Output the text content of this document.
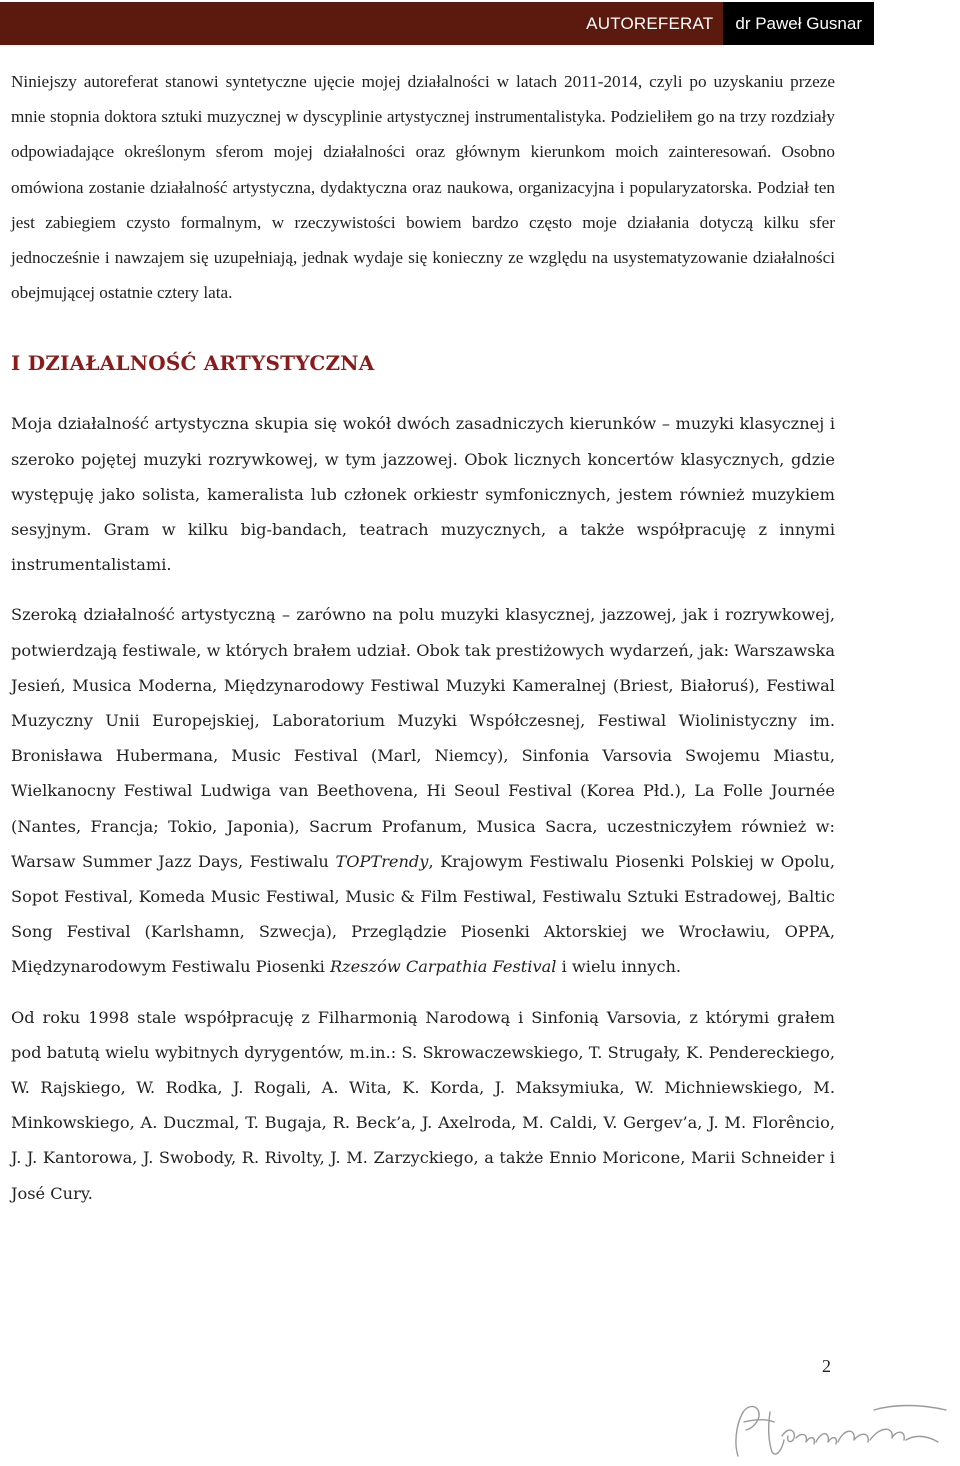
AUTOREFERAT	dr Paweł Gusnar

Niniejszy autoreferat stanowi syntetyczne ujęcie mojej działalności w latach 2011-2014, czyli po uzyskaniu przeze mnie stopnia doktora sztuki muzycznej w dyscyplinie artystycznej instrumentalistyka. Podzieliłem go na trzy rozdziały odpowiadające określonym sferom mojej działalności oraz głównym kierunkom moich zainteresowań. Osobno omówiona zostanie działalność artystyczna, dydaktyczna oraz naukowa, organizacyjna i popularyzatorska. Podział ten jest zabiegiem czysto formalnym, w rzeczywistości bowiem bardzo często moje działania dotyczą kilku sfer jednocześnie i nawzajem się uzupełniają, jednak wydaje się konieczny ze względu na usystematyzowanie działalności obejmującej ostatnie cztery lata.

I DZIAŁALNOŚĆ ARTYSTYCZNA

Moja działalność artystyczna skupia się wokół dwóch zasadniczych kierunków – muzyki klasycznej i szeroko pojętej muzyki rozrywkowej, w tym jazzowej. Obok licznych koncertów klasycznych, gdzie występuję jako solista, kameralista lub członek orkiestr symfonicznych, jestem również muzykiem sesyjnym. Gram w kilku big-bandach, teatrach muzycznych, a także współpracuję z innymi instrumentalistami.

Szeroką działalność artystyczną – zarówno na polu muzyki klasycznej, jazzowej, jak i rozrywkowej, potwierdzają festiwale, w których brałem udział. Obok tak prestiżowych wydarzeń, jak: Warszawska Jesień, Musica Moderna, Międzynarodowy Festiwal Muzyki Kameralnej (Briest, Białoruś), Festiwal Muzyczny Unii Europejskiej, Laboratorium Muzyki Współczesnej, Festiwal Wiolinistyczny im. Bronisława Hubermana, Music Festival (Marl, Niemcy), Sinfonia Varsovia Swojemu Miastu, Wielkanocny Festiwal Ludwiga van Beethovena, Hi Seoul Festival (Korea Płd.), La Folle Journée (Nantes, Francja; Tokio, Japonia), Sacrum Profanum, Musica Sacra, uczestniczyłem również w: Warsaw Summer Jazz Days, Festiwalu TOPTrendy, Krajowym Festiwalu Piosenki Polskiej w Opolu, Sopot Festival, Komeda Music Festiwal, Music & Film Festiwal, Festiwalu Sztuki Estradowej, Baltic Song Festival (Karlshamn, Szwecja), Przeglądzie Piosenki Aktorskiej we Wrocławiu, OPPA, Międzynarodowym Festiwalu Piosenki Rzeszów Carpathia Festival i wielu innych.

Od roku 1998 stale współpracuję z Filharmonią Narodową i Sinfonią Varsovia, z którymi grałem pod batutą wielu wybitnych dyrygentów, m.in.: S. Skrowaczewskiego, T. Strugały, K. Pendereckiego, W. Rajskiego, W. Rodka, J. Rogali, A. Wita, K. Korda, J. Maksymiuka, W. Michniewskiego, M. Minkowskiego, A. Duczmal, T. Bugaja, R. Beck’a, J. Axelroda, M. Caldi, V. Gergev’a, J. M. Florêncio, J. J. Kantorowa, J. Swobody, R. Rivolty, J. M. Zarzyckiego, a także Ennio Moricone, Marii Schneider i José Cury.

2
